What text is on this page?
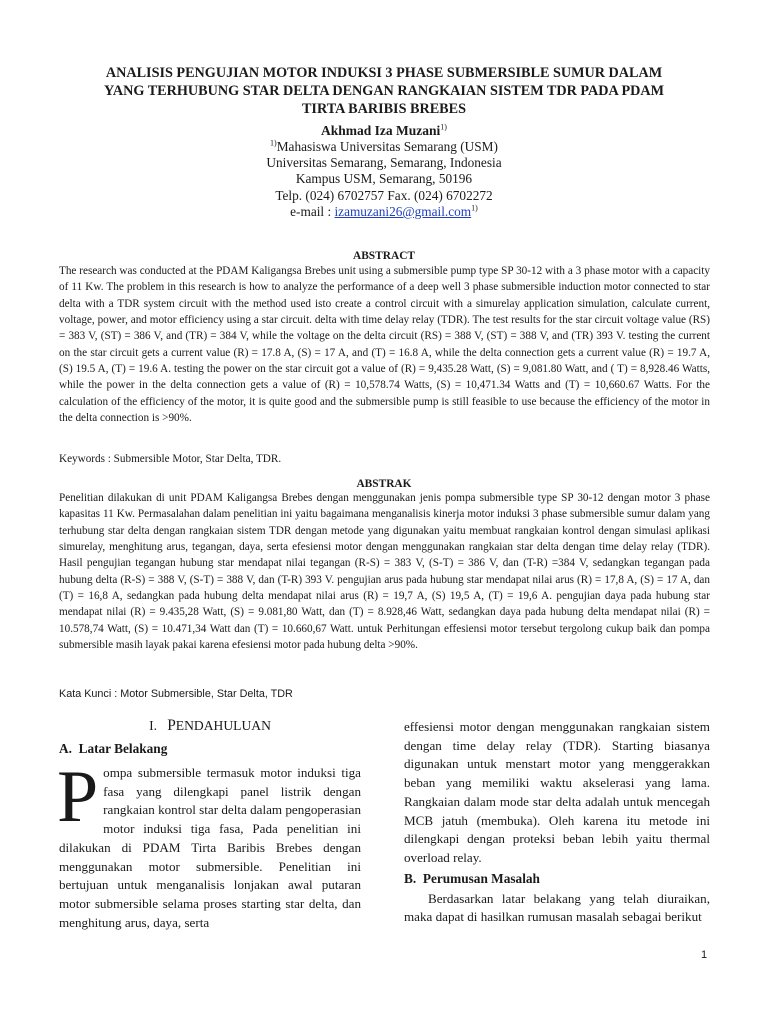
ANALISIS PENGUJIAN MOTOR INDUKSI 3 PHASE SUBMERSIBLE SUMUR DALAM
YANG TERHUBUNG STAR DELTA DENGAN RANGKAIAN SISTEM TDR PADA PDAM
TIRTA BARIBIS BREBES
Akhmad Iza Muzani$^{1)}$
$^{1)}$Mahasiswa Universitas Semarang (USM)
Universitas Semarang, Semarang, Indonesia
Kampus USM, Semarang, 50196
Telp. (024) 6702757 Fax. (024) 6702272
e-mail : izamuzani26@gmail.com$^{1)}$
ABSTRACT
The research was conducted at the PDAM Kaligangsa Brebes unit using a submersible pump type SP 30-12 with a 3 phase motor with a capacity of 11 Kw. The problem in this research is how to analyze the performance of a deep well 3 phase submersible induction motor connected to star delta with a TDR system circuit with the method used isto create a control circuit with a simurelay application simulation, calculate current, voltage, power, and motor efficiency using a star circuit. delta with time delay relay (TDR). The test results for the star circuit voltage value (RS) = 383 V, (ST) = 386 V, and (TR) = 384 V, while the voltage on the delta circuit (RS) = 388 V, (ST) = 388 V, and (TR) 393 V. testing the current on the star circuit gets a current value (R) = 17.8 A, (S) = 17 A, and (T) = 16.8 A, while the delta connection gets a current value (R) = 19.7 A, (S) 19.5 A, (T) = 19.6 A. testing the power on the star circuit got a value of (R) = 9,435.28 Watt, (S) = 9,081.80 Watt, and ( T) = 8,928.46 Watts, while the power in the delta connection gets a value of (R) = 10,578.74 Watts, (S) = 10,471.34 Watts and (T) = 10,660.67 Watts. For the calculation of the efficiency of the motor, it is quite good and the submersible pump is still feasible to use because the efficiency of the motor in the delta connection is >90%.
Keywords : Submersible Motor, Star Delta, TDR.
ABSTRAK
Penelitian dilakukan di unit PDAM Kaligangsa Brebes dengan menggunakan jenis pompa submersible type SP 30-12 dengan motor 3 phase kapasitas 11 Kw. Permasalahan dalam penelitian ini yaitu bagaimana menganalisis kinerja motor induksi 3 phase submersible sumur dalam yang terhubung star delta dengan rangkaian sistem TDR dengan metode yang digunakan yaitu membuat rangkaian kontrol dengan simulasi aplikasi simurelay, menghitung arus, tegangan, daya, serta efesiensi motor dengan menggunakan rangkaian star delta dengan time delay relay (TDR). Hasil pengujian tegangan hubung star mendapat nilai tegangan (R-S) = 383 V, (S-T) = 386 V, dan (T-R) =384 V, sedangkan tegangan pada hubung delta (R-S) = 388 V, (S-T) = 388 V, dan (T-R) 393 V. pengujian arus pada hubung star mendapat nilai arus (R) = 17,8 A, (S) = 17 A, dan (T) = 16,8 A, sedangkan pada hubung delta mendapat nilai arus (R) = 19,7 A, (S) 19,5 A, (T) = 19,6 A. pengujian daya pada hubung star mendapat nilai (R) = 9.435,28 Watt, (S) = 9.081,80 Watt, dan (T) = 8.928,46 Watt, sedangkan daya pada hubung delta mendapat nilai (R) = 10.578,74 Watt, (S) = 10.471,34 Watt dan (T) = 10.660,67 Watt. untuk Perhitungan effesiensi motor tersebut tergolong cukup baik dan pompa submersible masih layak pakai karena efesiensi motor pada hubung delta >90%.
Kata Kunci : Motor Submersible, Star Delta, TDR
I. PENDAHULUAN
A. Latar Belakang

Pompa submersible termasuk motor induksi tiga fasa yang dilengkapi panel listrik dengan rangkaian kontrol star delta dalam pengoperasian motor induksi tiga fasa, Pada penelitian ini dilakukan di PDAM Tirta Baribis Brebes dengan menggunakan motor submersible. Penelitian ini bertujuan untuk menganalisis lonjakan awal putaran motor submersible selama proses starting star delta, dan menghitung arus, daya, serta

effesiensi motor dengan menggunakan rangkaian sistem dengan time delay relay (TDR). Starting biasanya digunakan untuk menstart motor yang menggerakkan beban yang memiliki waktu akselerasi yang lama. Rangkaian dalam mode star delta adalah untuk mencegah MCB jatuh (membuka). Oleh karena itu metode ini dilengkapi dengan proteksi beban lebih yaitu thermal overload relay.

B. Perumusan Masalah

Berdasarkan latar belakang yang telah diuraikan, maka dapat di hasilkan rumusan masalah sebagai berikut

1
